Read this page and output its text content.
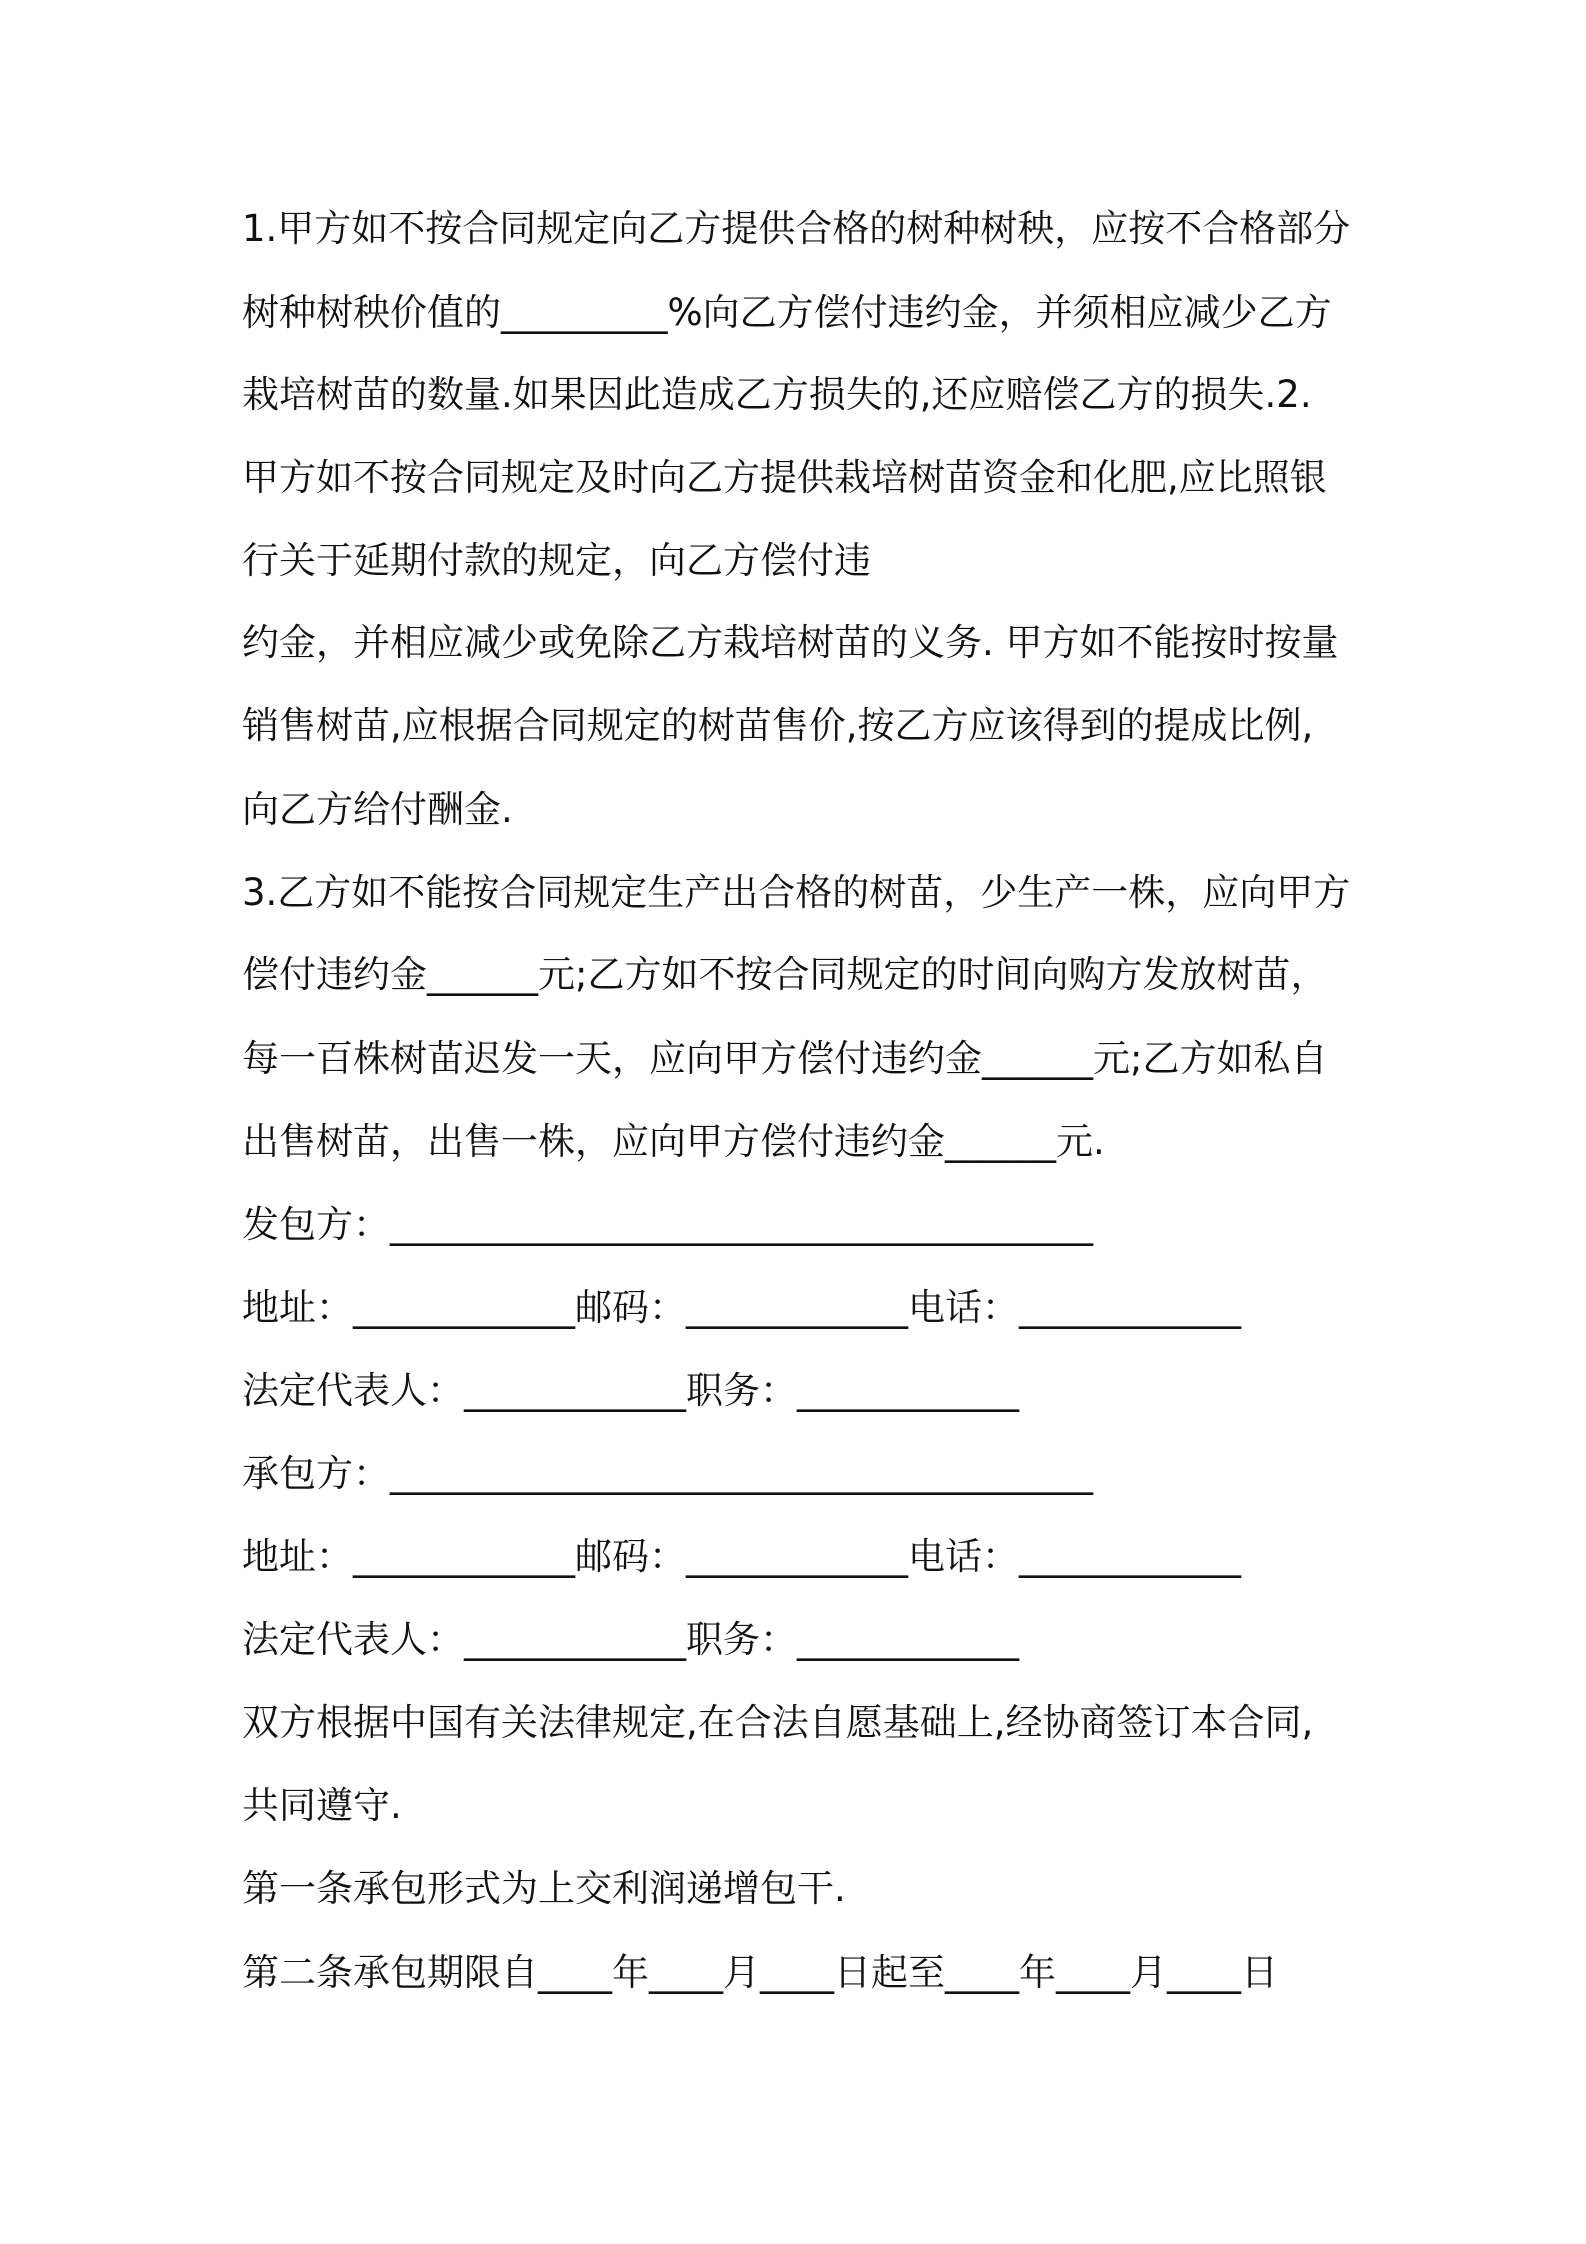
1.甲方如不按合同规定向乙方提供合格的树种树秧，应按不合格部分
树种树秧价值的_________%向乙方偿付违约金，并须相应减少乙方
栽培树苗的数量.如果因此造成乙方损失的,还应赔偿乙方的损失.2.
甲方如不按合同规定及时向乙方提供栽培树苗资金和化肥,应比照银
行关于延期付款的规定，向乙方偿付违
约金，并相应减少或免除乙方栽培树苗的义务. 甲方如不能按时按量
销售树苗,应根据合同规定的树苗售价,按乙方应该得到的提成比例,
向乙方给付酬金.
3.乙方如不能按合同规定生产出合格的树苗，少生产一株，应向甲方
偿付违约金______元;乙方如不按合同规定的时间向购方发放树苗，
每一百株树苗迟发一天，应向甲方偿付违约金______元;乙方如私自
出售树苗，出售一株，应向甲方偿付违约金______元.
发包方：______________________________________
地址：____________邮码：____________电话：____________
法定代表人：____________职务：____________
承包方：______________________________________
地址：____________邮码：____________电话：____________
法定代表人：____________职务：____________
双方根据中国有关法律规定,在合法自愿基础上,经协商签订本合同,
共同遵守.
第一条承包形式为上交利润递增包干.
第二条承包期限自____年____月____日起至____年____月____日
